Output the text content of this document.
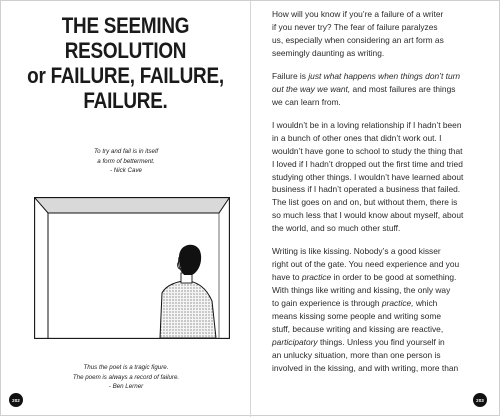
THE SEEMING
RESOLUTION
or FAILURE, FAILURE,
FAILURE.
To try and fail is in itself
a form of betterment.
- Nick Cave
Thus the poet is a tragic figure.
The poem is always a record of failure.
- Ben Lerner
202

How will you know if you’re a failure of a writer
if you never try? The fear of failure paralyzes
us, especially when considering an art form as
seemingly daunting as writing.

Failure is just what happens when things don’t turn
out the way we want, and most failures are things
we can learn from.

I wouldn’t be in a loving relationship if I hadn’t been
in a bunch of other ones that didn’t work out. I
wouldn’t have gone to school to study the thing that
I loved if I hadn’t dropped out the first time and tried
studying other things. I wouldn’t have learned about
business if I hadn’t operated a business that failed.
The list goes on and on, but without them, there is
so much less that I would know about myself, about
the world, and so much other stuff.

Writing is like kissing. Nobody’s a good kisser
right out of the gate. You need experience and you
have to practice in order to be good at something.
With things like writing and kissing, the only way
to gain experience is through practice, which
means kissing some people and writing some
stuff, because writing and kissing are reactive,
participatory things. Unless you find yourself in
an unlucky situation, more than one person is
involved in the kissing, and with writing, more than

203
